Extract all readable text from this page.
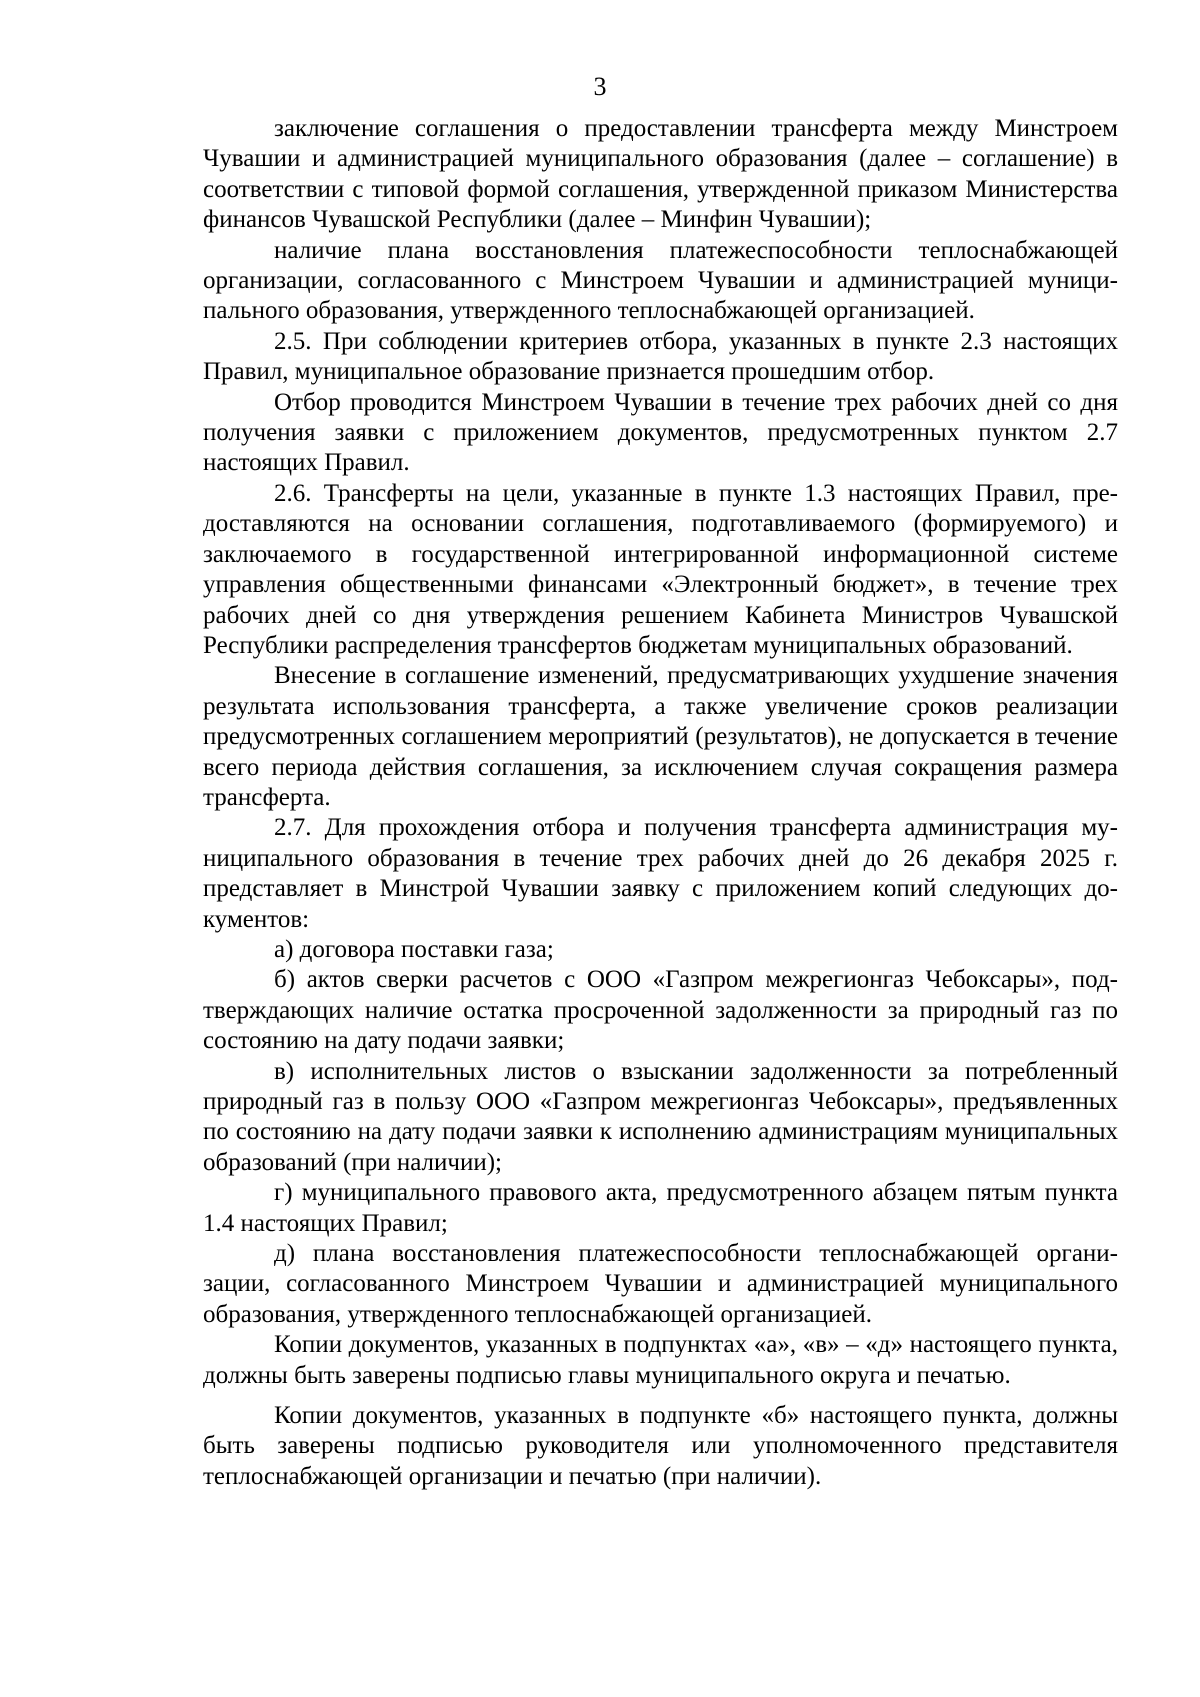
3

заключение соглашения о предоставлении трансферта между Минстроем Чувашии и администрацией муниципального образования (далее – соглашение) в соответствии с типовой формой соглашения, утвержденной приказом Министерства финансов Чувашской Республики (далее – Минфин Чувашии);

наличие плана восстановления платежеспособности теплоснабжающей организации, согласованного с Минстроем Чувашии и администрацией муниципального образования, утвержденного теплоснабжающей организацией.

2.5. При соблюдении критериев отбора, указанных в пункте 2.3 настоящих Правил, муниципальное образование признается прошедшим отбор.

Отбор проводится Минстроем Чувашии в течение трех рабочих дней со дня получения заявки с приложением документов, предусмотренных пунктом 2.7 настоящих Правил.

2.6. Трансферты на цели, указанные в пункте 1.3 настоящих Правил, предоставляются на основании соглашения, подготавливаемого (формируемого) и заключаемого в государственной интегрированной информационной системе управления общественными финансами «Электронный бюджет», в течение трех рабочих дней со дня утверждения решением Кабинета Министров Чувашской Республики распределения трансфертов бюджетам муниципальных образований.

Внесение в соглашение изменений, предусматривающих ухудшение значения результата использования трансферта, а также увеличение сроков реализации предусмотренных соглашением мероприятий (результатов), не допускается в течение всего периода действия соглашения, за исключением случая сокращения размера трансферта.

2.7. Для прохождения отбора и получения трансферта администрация муниципального образования в течение трех рабочих дней до 26 декабря 2025 г. представляет в Минстрой Чувашии заявку с приложением копий следующих документов:

а) договора поставки газа;

б) актов сверки расчетов с ООО «Газпром межрегионгаз Чебоксары», подтверждающих наличие остатка просроченной задолженности за природный газ по состоянию на дату подачи заявки;

в) исполнительных листов о взыскании задолженности за потребленный природный газ в пользу ООО «Газпром межрегионгаз Чебоксары», предъявленных по состоянию на дату подачи заявки к исполнению администрациям муниципальных образований (при наличии);

г) муниципального правового акта, предусмотренного абзацем пятым пункта 1.4 настоящих Правил;

д) плана восстановления платежеспособности теплоснабжающей организации, согласованного Минстроем Чувашии и администрацией муниципального образования, утвержденного теплоснабжающей организацией.

Копии документов, указанных в подпунктах «а», «в» – «д» настоящего пункта, должны быть заверены подписью главы муниципального округа и печатью.

Копии документов, указанных в подпункте «б» настоящего пункта, должны быть заверены подписью руководителя или уполномоченного представителя теплоснабжающей организации и печатью (при наличии).
